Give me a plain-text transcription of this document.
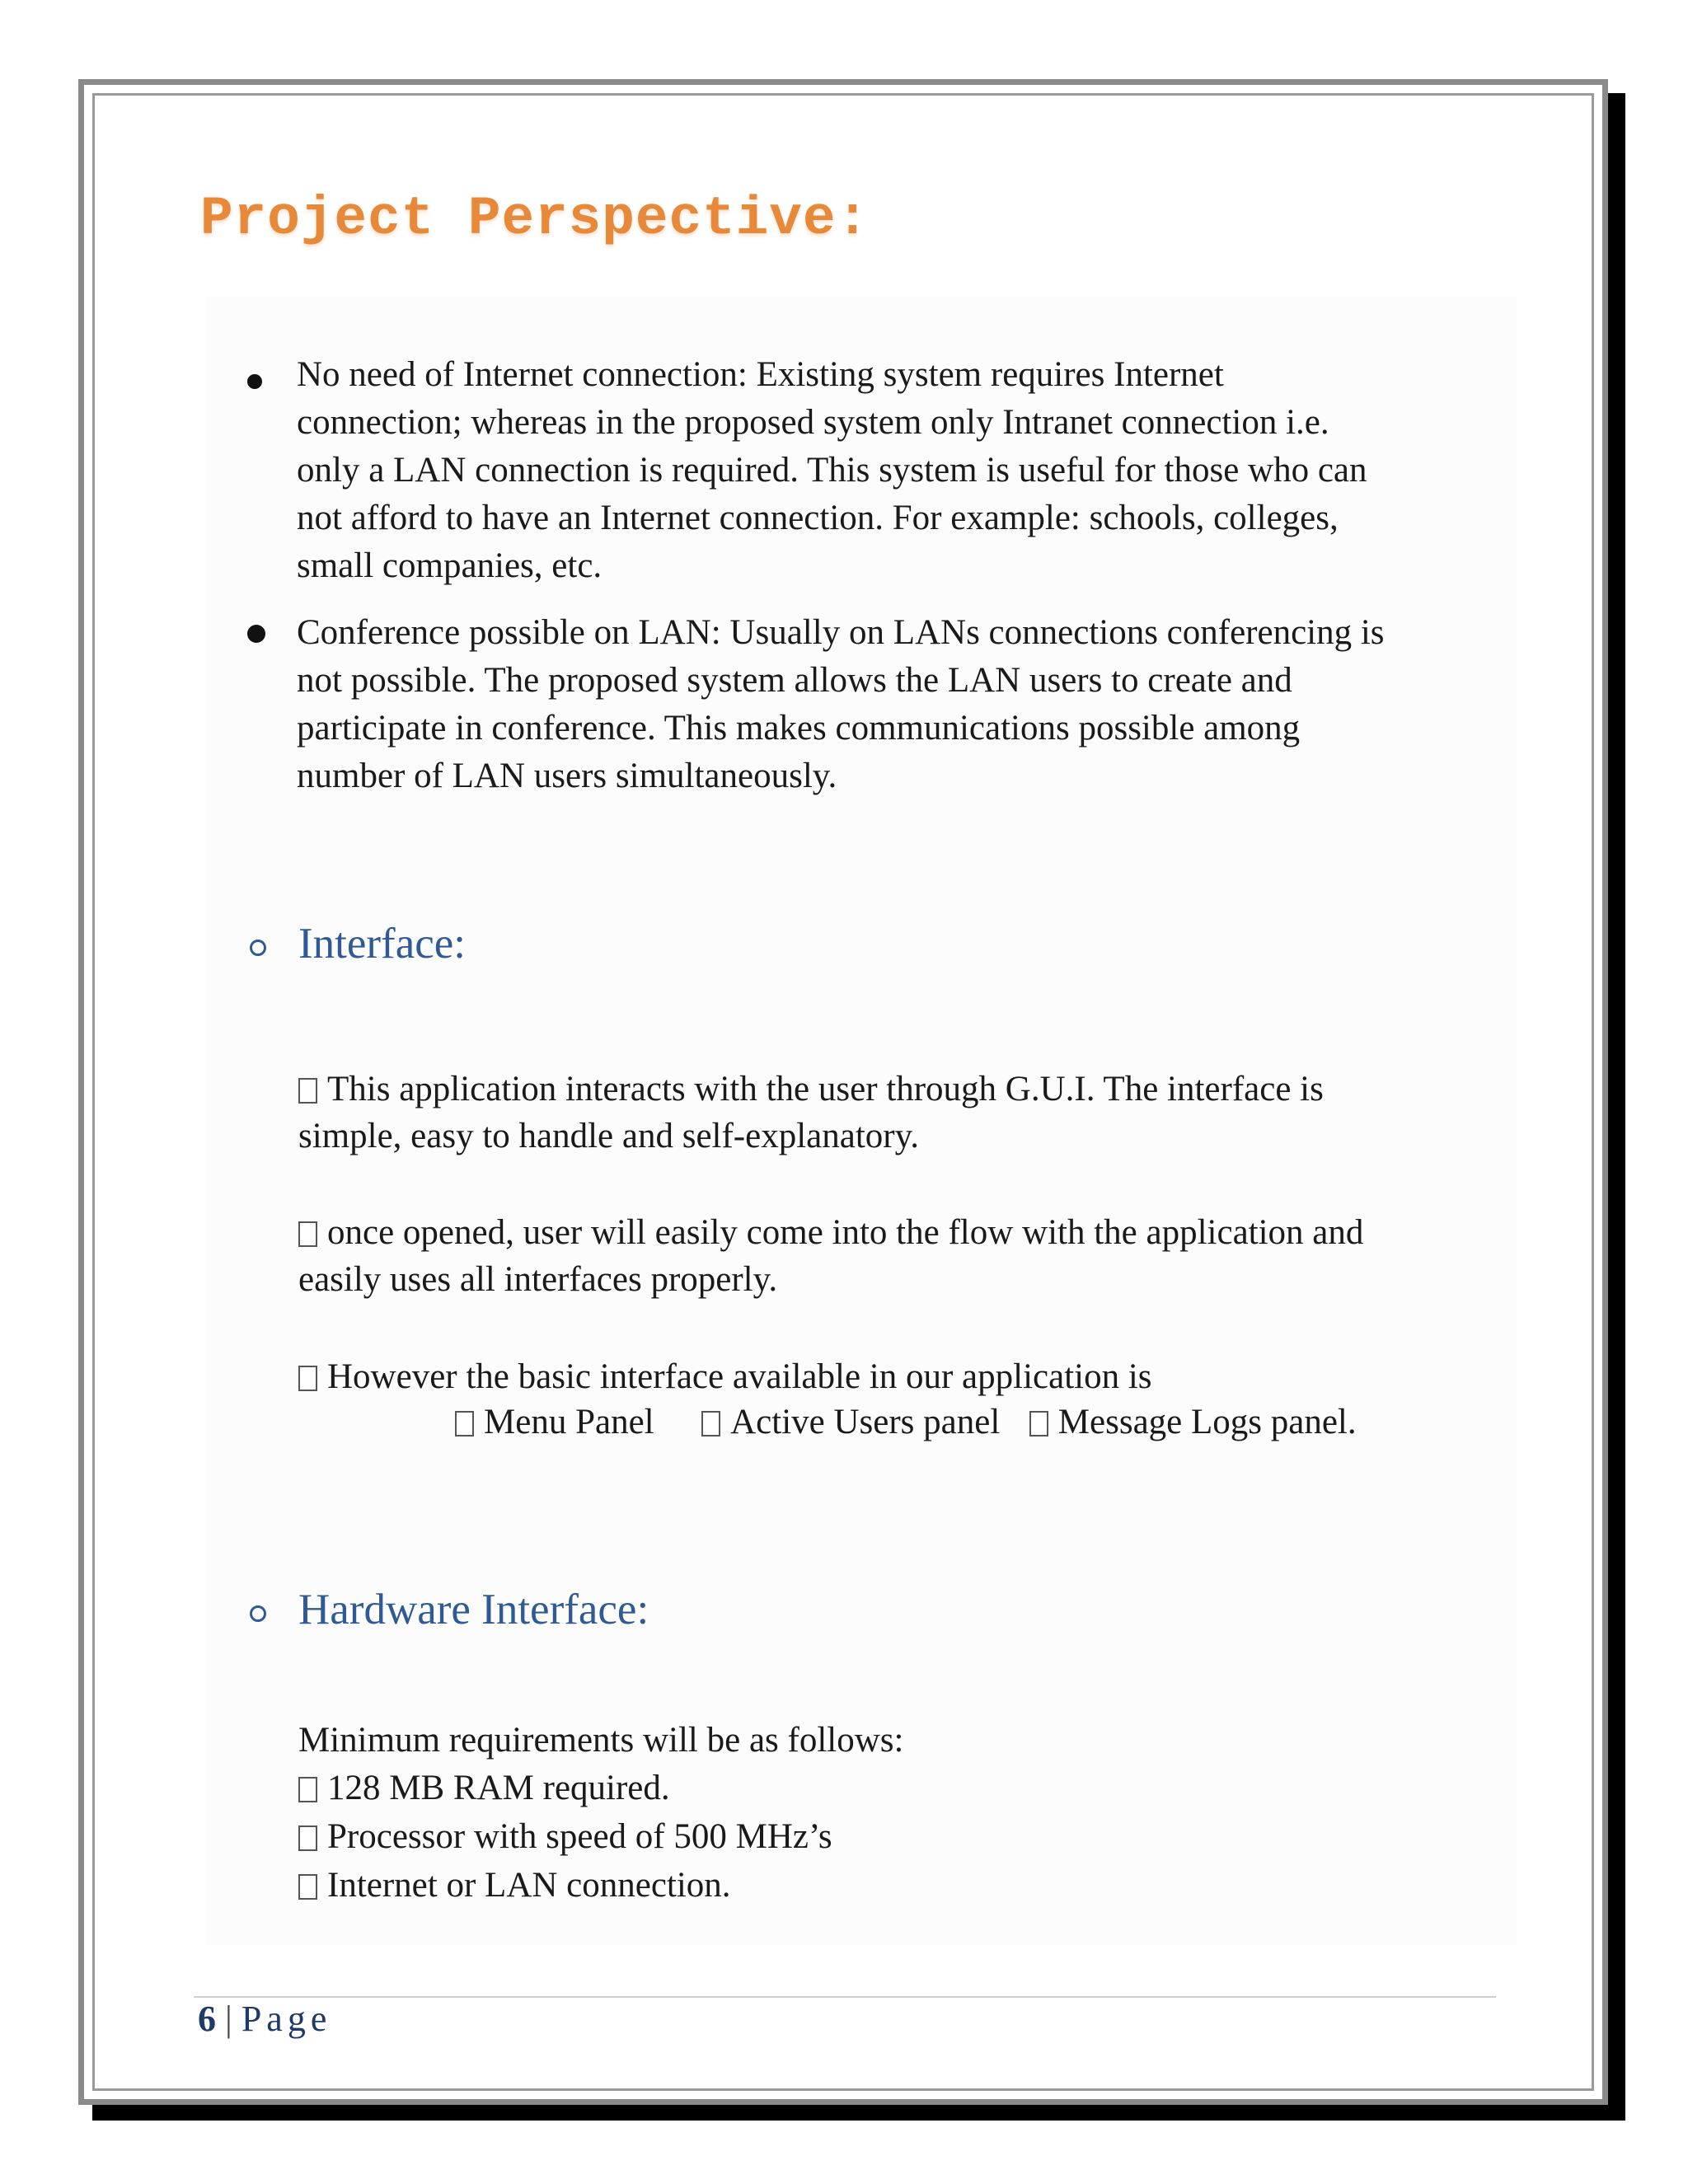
Project Perspective:
No need of Internet connection: Existing system requires Internet
connection; whereas in the proposed system only Intranet connection i.e.
only a LAN connection is required. This system is useful for those who can
not afford to have an Internet connection. For example: schools, colleges,
small companies, etc.
Conference possible on LAN: Usually on LANs connections conferencing is
not possible. The proposed system allows the LAN users to create and
participate in conference. This makes communications possible among
number of LAN users simultaneously.
Interface:
This application interacts with the user through G.U.I. The interface is
simple, easy to handle and self-explanatory.
once opened, user will easily come into the flow with the application and
easily uses all interfaces properly.
However the basic interface available in our application is
Menu Panel Active Users panel Message Logs panel.
Hardware Interface:
Minimum requirements will be as follows:
128 MB RAM required.
Processor with speed of 500 MHz’s
Internet or LAN connection.
6 | Page
